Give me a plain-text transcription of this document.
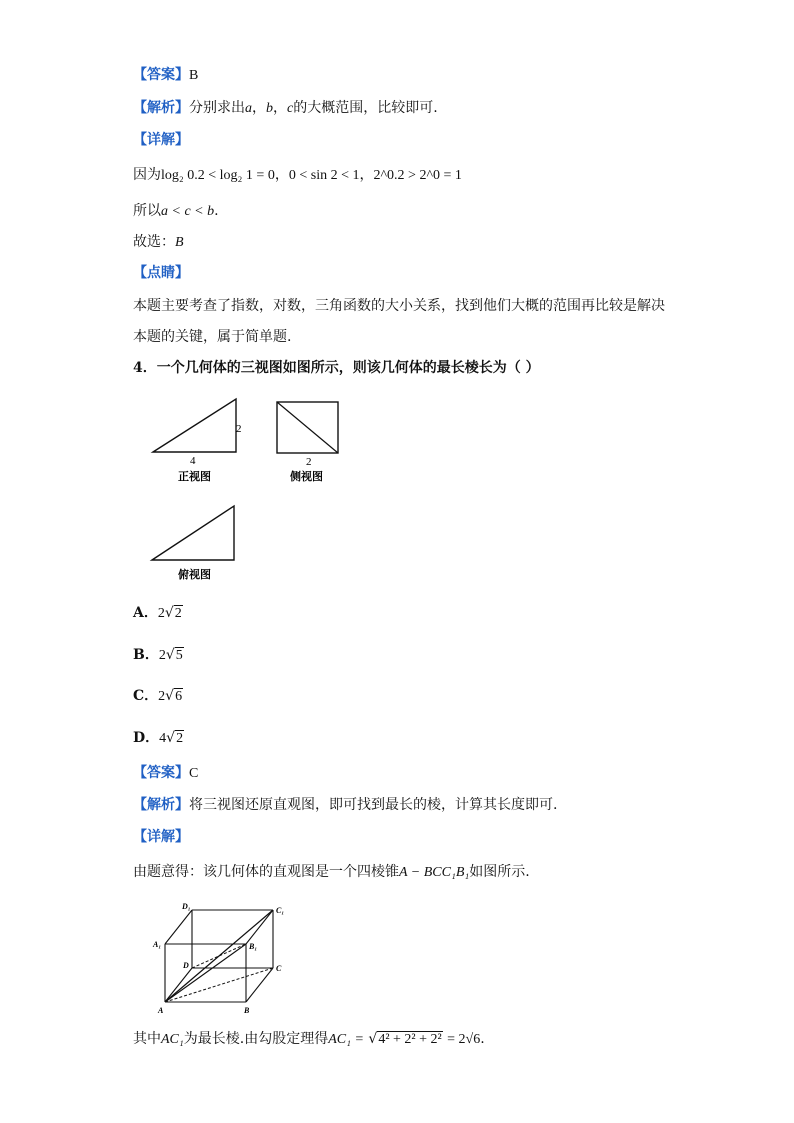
【答案】B
【解析】分别求出a，b，c的大概范围，比较即可.
【详解】
因为log₂ 0.2 < log₂ 1 = 0，0 < sin 2 < 1，2^0.2 > 2^0 = 1
所以a < c < b.
故选：B
【点睛】
本题主要考查了指数，对数，三角函数的大小关系，找到他们大概的范围再比较是解决
本题的关键，属于简单题.
4．一个几何体的三视图如图所示，则该几何体的最长棱长为（ ）
2
4
正视图
2
侧视图
俯视图
A．2√2
B．2√5
C．2√6
D．4√2
【答案】C
【解析】将三视图还原直观图，即可找到最长的棱，计算其长度即可.
【详解】
由题意得：该几何体的直观图是一个四棱锥A − BCC₁B₁如图所示.
D₁	C₁
A₁	B₁
D	C
A	B
其中AC₁为最长棱.由勾股定理得AC₁ = √4² + 2² + 2² = 2√6.
